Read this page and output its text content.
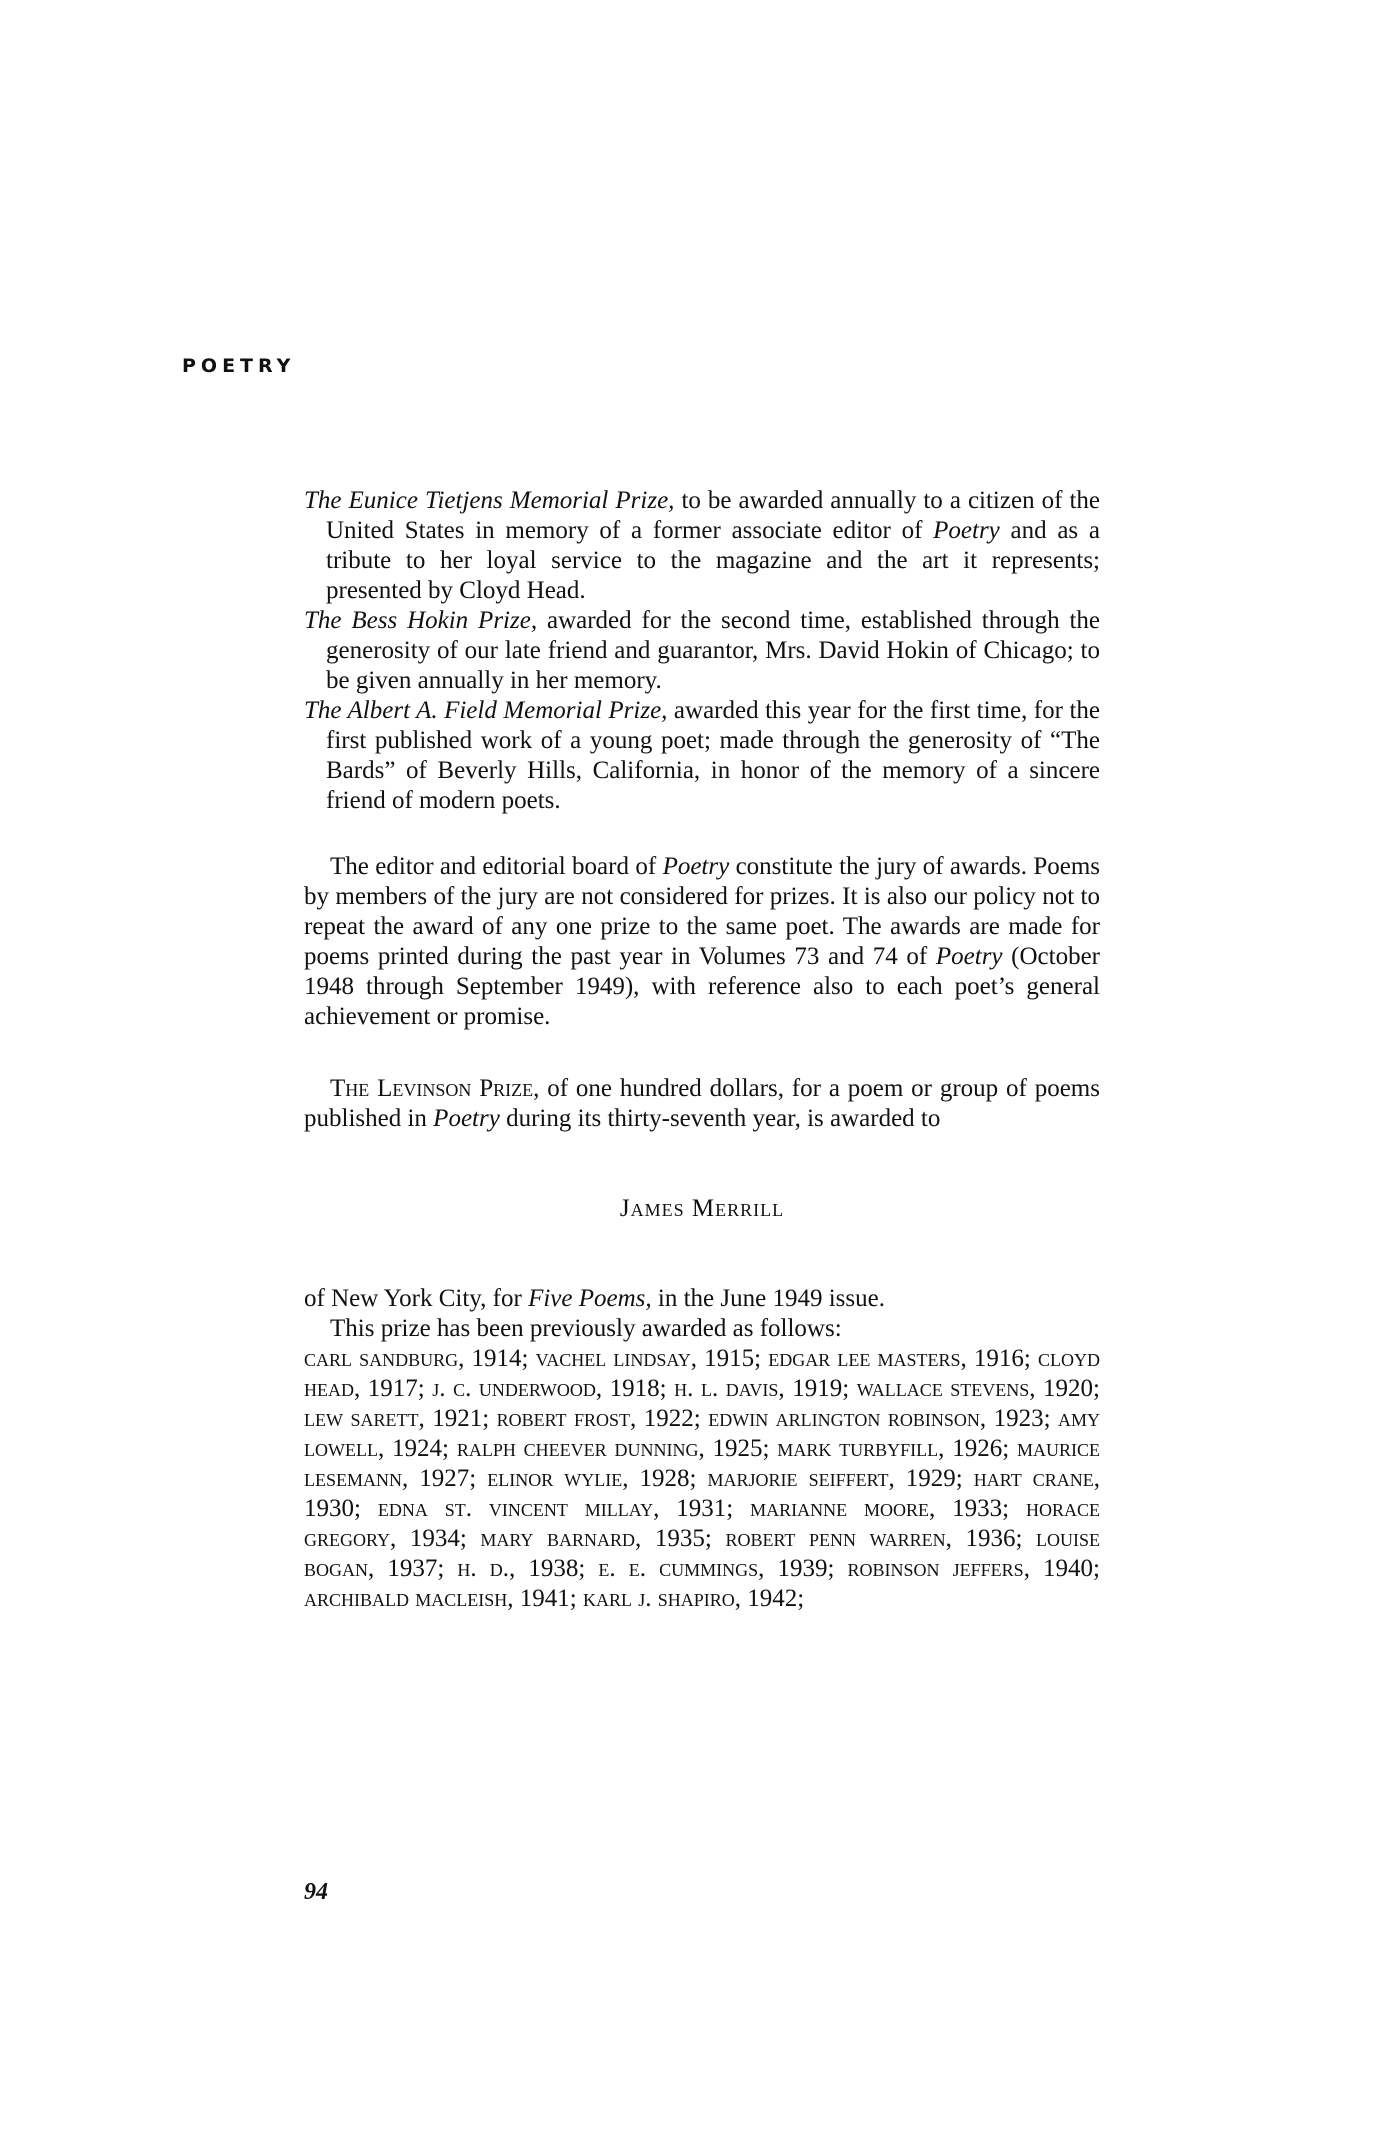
POETRY

The Eunice Tietjens Memorial Prize, to be awarded annually to a citizen of the United States in memory of a former associate editor of Poetry and as a tribute to her loyal service to the magazine and the art it represents; presented by Cloyd Head.

The Bess Hokin Prize, awarded for the second time, established through the generosity of our late friend and guarantor, Mrs. David Hokin of Chicago; to be given annually in her memory.

The Albert A. Field Memorial Prize, awarded this year for the first time, for the first published work of a young poet; made through the generosity of “The Bards” of Beverly Hills, California, in honor of the memory of a sincere friend of modern poets.

The editor and editorial board of Poetry constitute the jury of awards. Poems by members of the jury are not considered for prizes. It is also our policy not to repeat the award of any one prize to the same poet. The awards are made for poems printed during the past year in Volumes 73 and 74 of Poetry (October 1948 through September 1949), with reference also to each poet’s general achievement or promise.

The Levinson Prize, of one hundred dollars, for a poem or group of poems published in Poetry during its thirty-seventh year, is awarded to

James Merrill

of New York City, for Five Poems, in the June 1949 issue.

This prize has been previously awarded as follows:

carl sandburg, 1914; vachel lindsay, 1915; edgar lee masters, 1916; cloyd head, 1917; j. c. underwood, 1918; h. l. davis, 1919; wallace stevens, 1920; lew sarett, 1921; robert frost, 1922; edwin arlington robinson, 1923; amy lowell, 1924; ralph cheever dunning, 1925; mark turbyfill, 1926; maurice lesemann, 1927; elinor wylie, 1928; marjorie seiffert, 1929; hart crane, 1930; edna st. vincent millay, 1931; marianne moore, 1933; horace gregory, 1934; mary barnard, 1935; robert penn warren, 1936; louise bogan, 1937; h. d., 1938; e. e. cummings, 1939; robinson jeffers, 1940; archibald macleish, 1941; karl j. shapiro, 1942;

94
